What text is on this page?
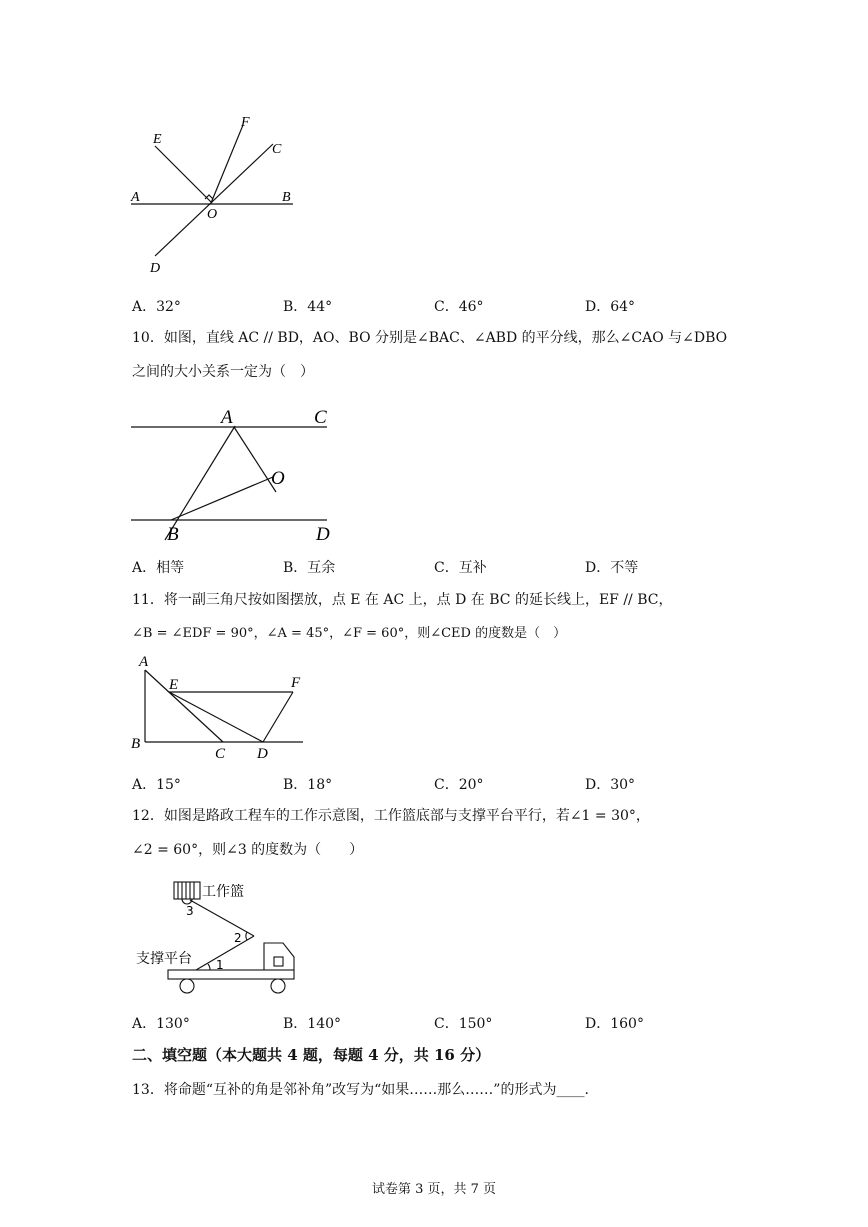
E
F
C
A
O
B
D
A．32°	B．44°	C．46°	D．64°
10．如图，直线 AC // BD，AO、BO 分别是∠BAC、∠ABD 的平分线，那么∠CAO 与∠DBO
之间的大小关系一定为（　）
A	C
O
B	D
A．相等	B．互余	C．互补	D．不等
11．将一副三角尺按如图摆放，点 E 在 AC 上，点 D 在 BC 的延长线上，EF // BC，
∠B = ∠EDF = 90°，∠A = 45°，∠F = 60°，则∠CED 的度数是（　）
A
E	F
B
C D
A．15°	B．18°	C．20°	D．30°
12．如图是路政工程车的工作示意图，工作篮底部与支撑平台平行，若∠1 = 30°，
∠2 = 60°，则∠3 的度数为（　　）
工作篮
支撑平台
3
2
1
A．130°	B．140°	C．150°	D．160°
二、填空题（本大题共 4 题，每题 4 分，共 16 分）
13．将命题“互补的角是邻补角”改写为“如果……那么……”的形式为____.
试卷第 3 页，共 7 页
